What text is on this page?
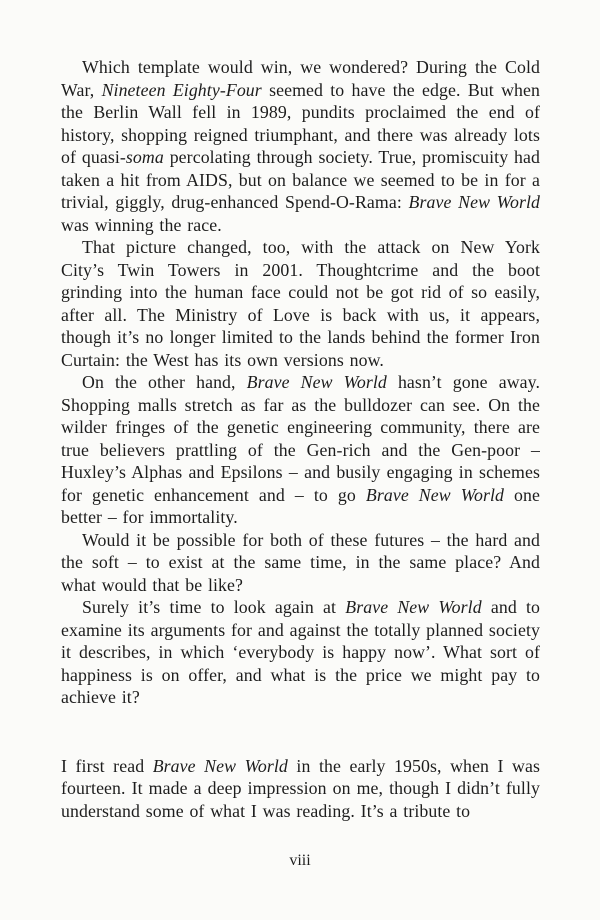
Which template would win, we wondered? During the Cold War, Nineteen Eighty-Four seemed to have the edge. But when the Berlin Wall fell in 1989, pundits proclaimed the end of history, shopping reigned triumphant, and there was already lots of quasi-soma percolating through society. True, promiscuity had taken a hit from AIDS, but on balance we seemed to be in for a trivial, giggly, drug-enhanced Spend-O-Rama: Brave New World was winning the race.

That picture changed, too, with the attack on New York City’s Twin Towers in 2001. Thoughtcrime and the boot grinding into the human face could not be got rid of so easily, after all. The Ministry of Love is back with us, it appears, though it’s no longer limited to the lands behind the former Iron Curtain: the West has its own versions now.

On the other hand, Brave New World hasn’t gone away. Shopping malls stretch as far as the bulldozer can see. On the wilder fringes of the genetic engineering community, there are true believers prattling of the Gen-rich and the Gen-poor – Huxley’s Alphas and Epsilons – and busily engaging in schemes for genetic enhancement and – to go Brave New World one better – for immortality.

Would it be possible for both of these futures – the hard and the soft – to exist at the same time, in the same place? And what would that be like?

Surely it’s time to look again at Brave New World and to examine its arguments for and against the totally planned society it describes, in which ‘everybody is happy now’. What sort of happiness is on offer, and what is the price we might pay to achieve it?

I first read Brave New World in the early 1950s, when I was fourteen. It made a deep impression on me, though I didn’t fully understand some of what I was reading. It’s a tribute to

viii
